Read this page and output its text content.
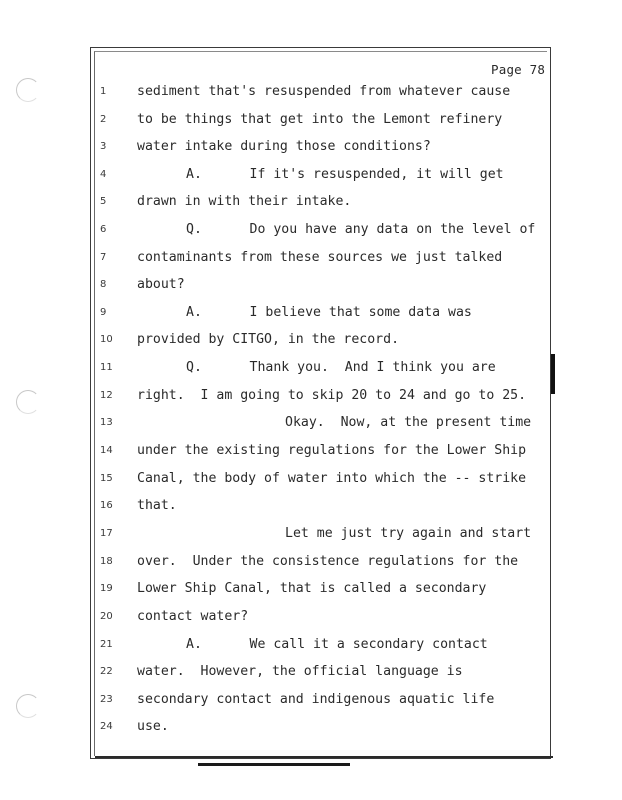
Page 78
1	sediment that's resuspended from whatever cause
2	to be things that get into the Lemont refinery
3	water intake during those conditions?
4	A.      If it's resuspended, it will get
5	drawn in with their intake.
6	Q.      Do you have any data on the level of
7	contaminants from these sources we just talked
8	about?
9	A.      I believe that some data was
10	provided by CITGO, in the record.
11	Q.      Thank you.  And I think you are
12	right.  I am going to skip 20 to 24 and go to 25.
13	Okay.  Now, at the present time
14	under the existing regulations for the Lower Ship
15	Canal, the body of water into which the -- strike
16	that.
17	Let me just try again and start
18	over.  Under the consistence regulations for the
19	Lower Ship Canal, that is called a secondary
20	contact water?
21	A.      We call it a secondary contact
22	water.  However, the official language is
23	secondary contact and indigenous aquatic life
24	use.
